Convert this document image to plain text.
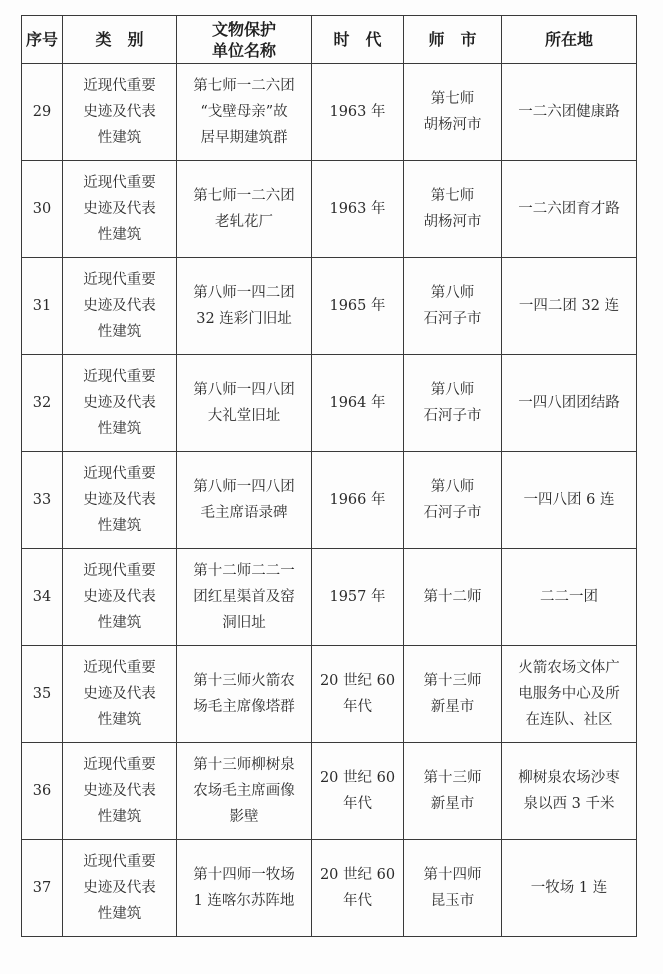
序号	类　别	文物保护
单位名称	时　代	师　市	所在地

29	近现代重要
史迹及代表
性建筑	第七师一二六团
“戈壁母亲”故
居早期建筑群	1963 年	第七师
胡杨河市	一二六团健康路

30	近现代重要
史迹及代表
性建筑	第七师一二六团
老轧花厂	1963 年	第七师
胡杨河市	一二六团育才路

31	近现代重要
史迹及代表
性建筑	第八师一四二团
32 连彩门旧址	1965 年	第八师
石河子市	一四二团 32 连

32	近现代重要
史迹及代表
性建筑	第八师一四八团
大礼堂旧址	1964 年	第八师
石河子市	一四八团团结路

33	近现代重要
史迹及代表
性建筑	第八师一四八团
毛主席语录碑	1966 年	第八师
石河子市	一四八团 6 连

34	近现代重要
史迹及代表
性建筑	第十二师二二一
团红星渠首及窑
洞旧址	1957 年	第十二师	二二一团

35	近现代重要
史迹及代表
性建筑	第十三师火箭农
场毛主席像塔群	20 世纪 60
年代	第十三师
新星市	火箭农场文体广
电服务中心及所
在连队、社区

36	近现代重要
史迹及代表
性建筑	第十三师柳树泉
农场毛主席画像
影壁	20 世纪 60
年代	第十三师
新星市	柳树泉农场沙枣
泉以西 3 千米

37	近现代重要
史迹及代表
性建筑	第十四师一牧场
1 连喀尔苏阵地	20 世纪 60
年代	第十四师
昆玉市	一牧场 1 连
